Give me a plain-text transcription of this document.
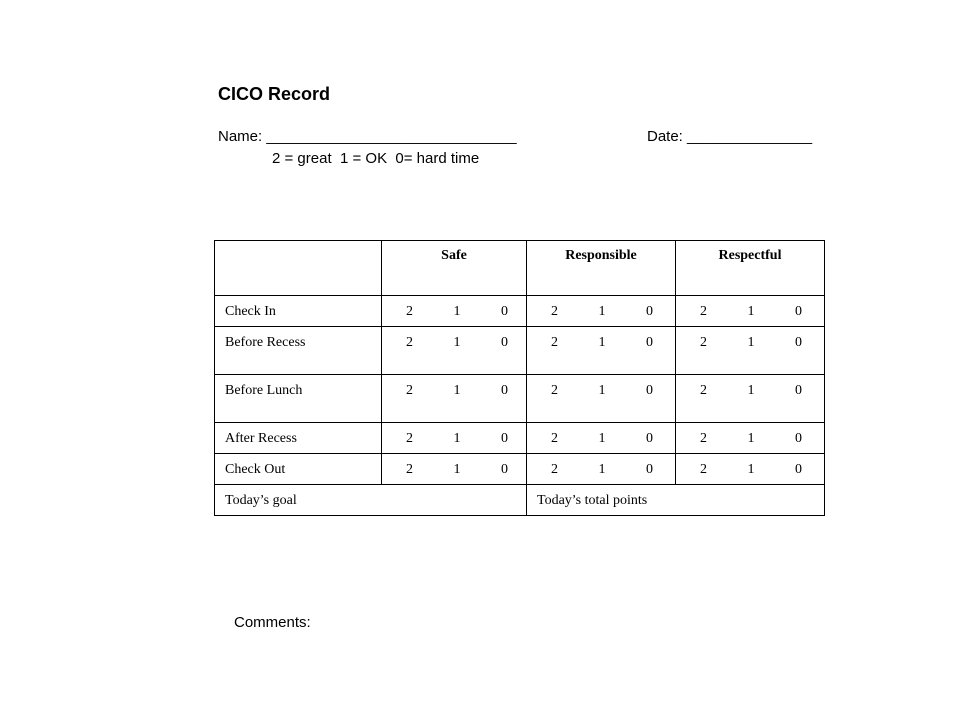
CICO Record
Name: ______________________________	Date: _______________
2 = great  1 = OK  0= hard time
	Safe	Responsible	Respectful
Check In	2   1   0	2   1   0	2   1   0
Before Recess	2   1   0	2   1   0	2   1   0
Before Lunch	2   1   0	2   1   0	2   1   0
After Recess	2   1   0	2   1   0	2   1   0
Check Out	2   1   0	2   1   0	2   1   0
Today’s goal		Today’s total points	
Comments:
